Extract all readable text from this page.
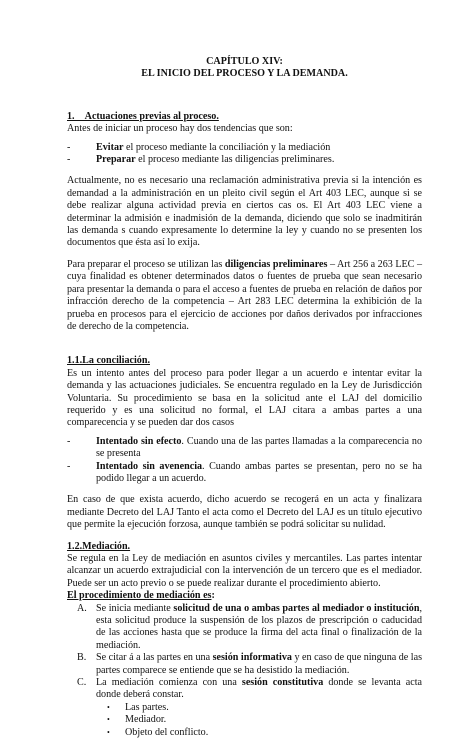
CAPÍTULO XIV:
EL INICIO DEL PROCESO Y LA DEMANDA.

1. Actuaciones previas al proceso.

Antes de iniciar un proceso hay dos tendencias que son:

-	Evitar el proceso mediante la conciliación y la mediación
-	Preparar el proceso mediante las diligencias preliminares.

Actualmente, no es necesario una reclamación administrativa previa si la intención es demandad a la administración en un pleito civil según el Art 403 LEC, aunque si se debe realizar alguna actividad previa en ciertos cas os. El Art 403 LEC viene a determinar la admisión e inadmisión de la demanda, diciendo que solo se inadmitirán las demanda s cuando expresamente lo determine la ley y cuando no se presenten los documentos que ésta así lo exija.

Para preparar el proceso se utilizan las diligencias preliminares – Art 256 a 263 LEC – cuya finalidad es obtener determinados datos o fuentes de prueba que sean necesario para presentar la demanda o para el acceso a fuentes de prueba en relación de daños por infracción derecho de la competencia – Art 283 LEC determina la exhibición de la prueba en procesos para el ejercicio de acciones por daños derivados por infracciones de derecho de la competencia.

1.1.La conciliación.

Es un intento antes del proceso para poder llegar a un acuerdo e intentar evitar la demanda y las actuaciones judiciales. Se encuentra regulado en la Ley de Jurisdicción Voluntaria. Su procedimiento se basa en la solicitud ante el LAJ del domicilio requerido y es una solicitud no formal, el LAJ citara a ambas partes a una comparecencia y se pueden dar dos casos

-	Intentado sin efecto. Cuando una de las partes llamadas a la comparecencia no se presenta
-	Intentado sin avenencia. Cuando ambas partes se presentan, pero no se ha podido llegar a un acuerdo.

En caso de que exista acuerdo, dicho acuerdo se recogerá en un acta y finalizara mediante Decreto del LAJ Tanto el acta como el Decreto del LAJ es un título ejecutivo que permite la ejecución forzosa, aunque también se podrá solicitar su nulidad.

1.2.Mediación.

Se regula en la Ley de mediación en asuntos civiles y mercantiles. Las partes intentar alcanzar un acuerdo extrajudicial con la intervención de un tercero que es el mediador. Puede ser un acto previo o se puede realizar durante el procedimiento abierto.

El procedimiento de mediación es:

A. Se inicia mediante solicitud de una o ambas partes al mediador o institución, esta solicitud produce la suspensión de los plazos de prescripción o caducidad de las acciones hasta que se produce la firma del acta final o finalización de la mediación.
B. Se citar á a las partes en una sesión informativa y en caso de que ninguna de las partes comparece se entiende que se ha desistido la mediación.
C. La mediación comienza con una sesión constitutiva donde se levanta acta donde deberá constar.
• Las partes.
• Mediador.
• Objeto del conflicto.
